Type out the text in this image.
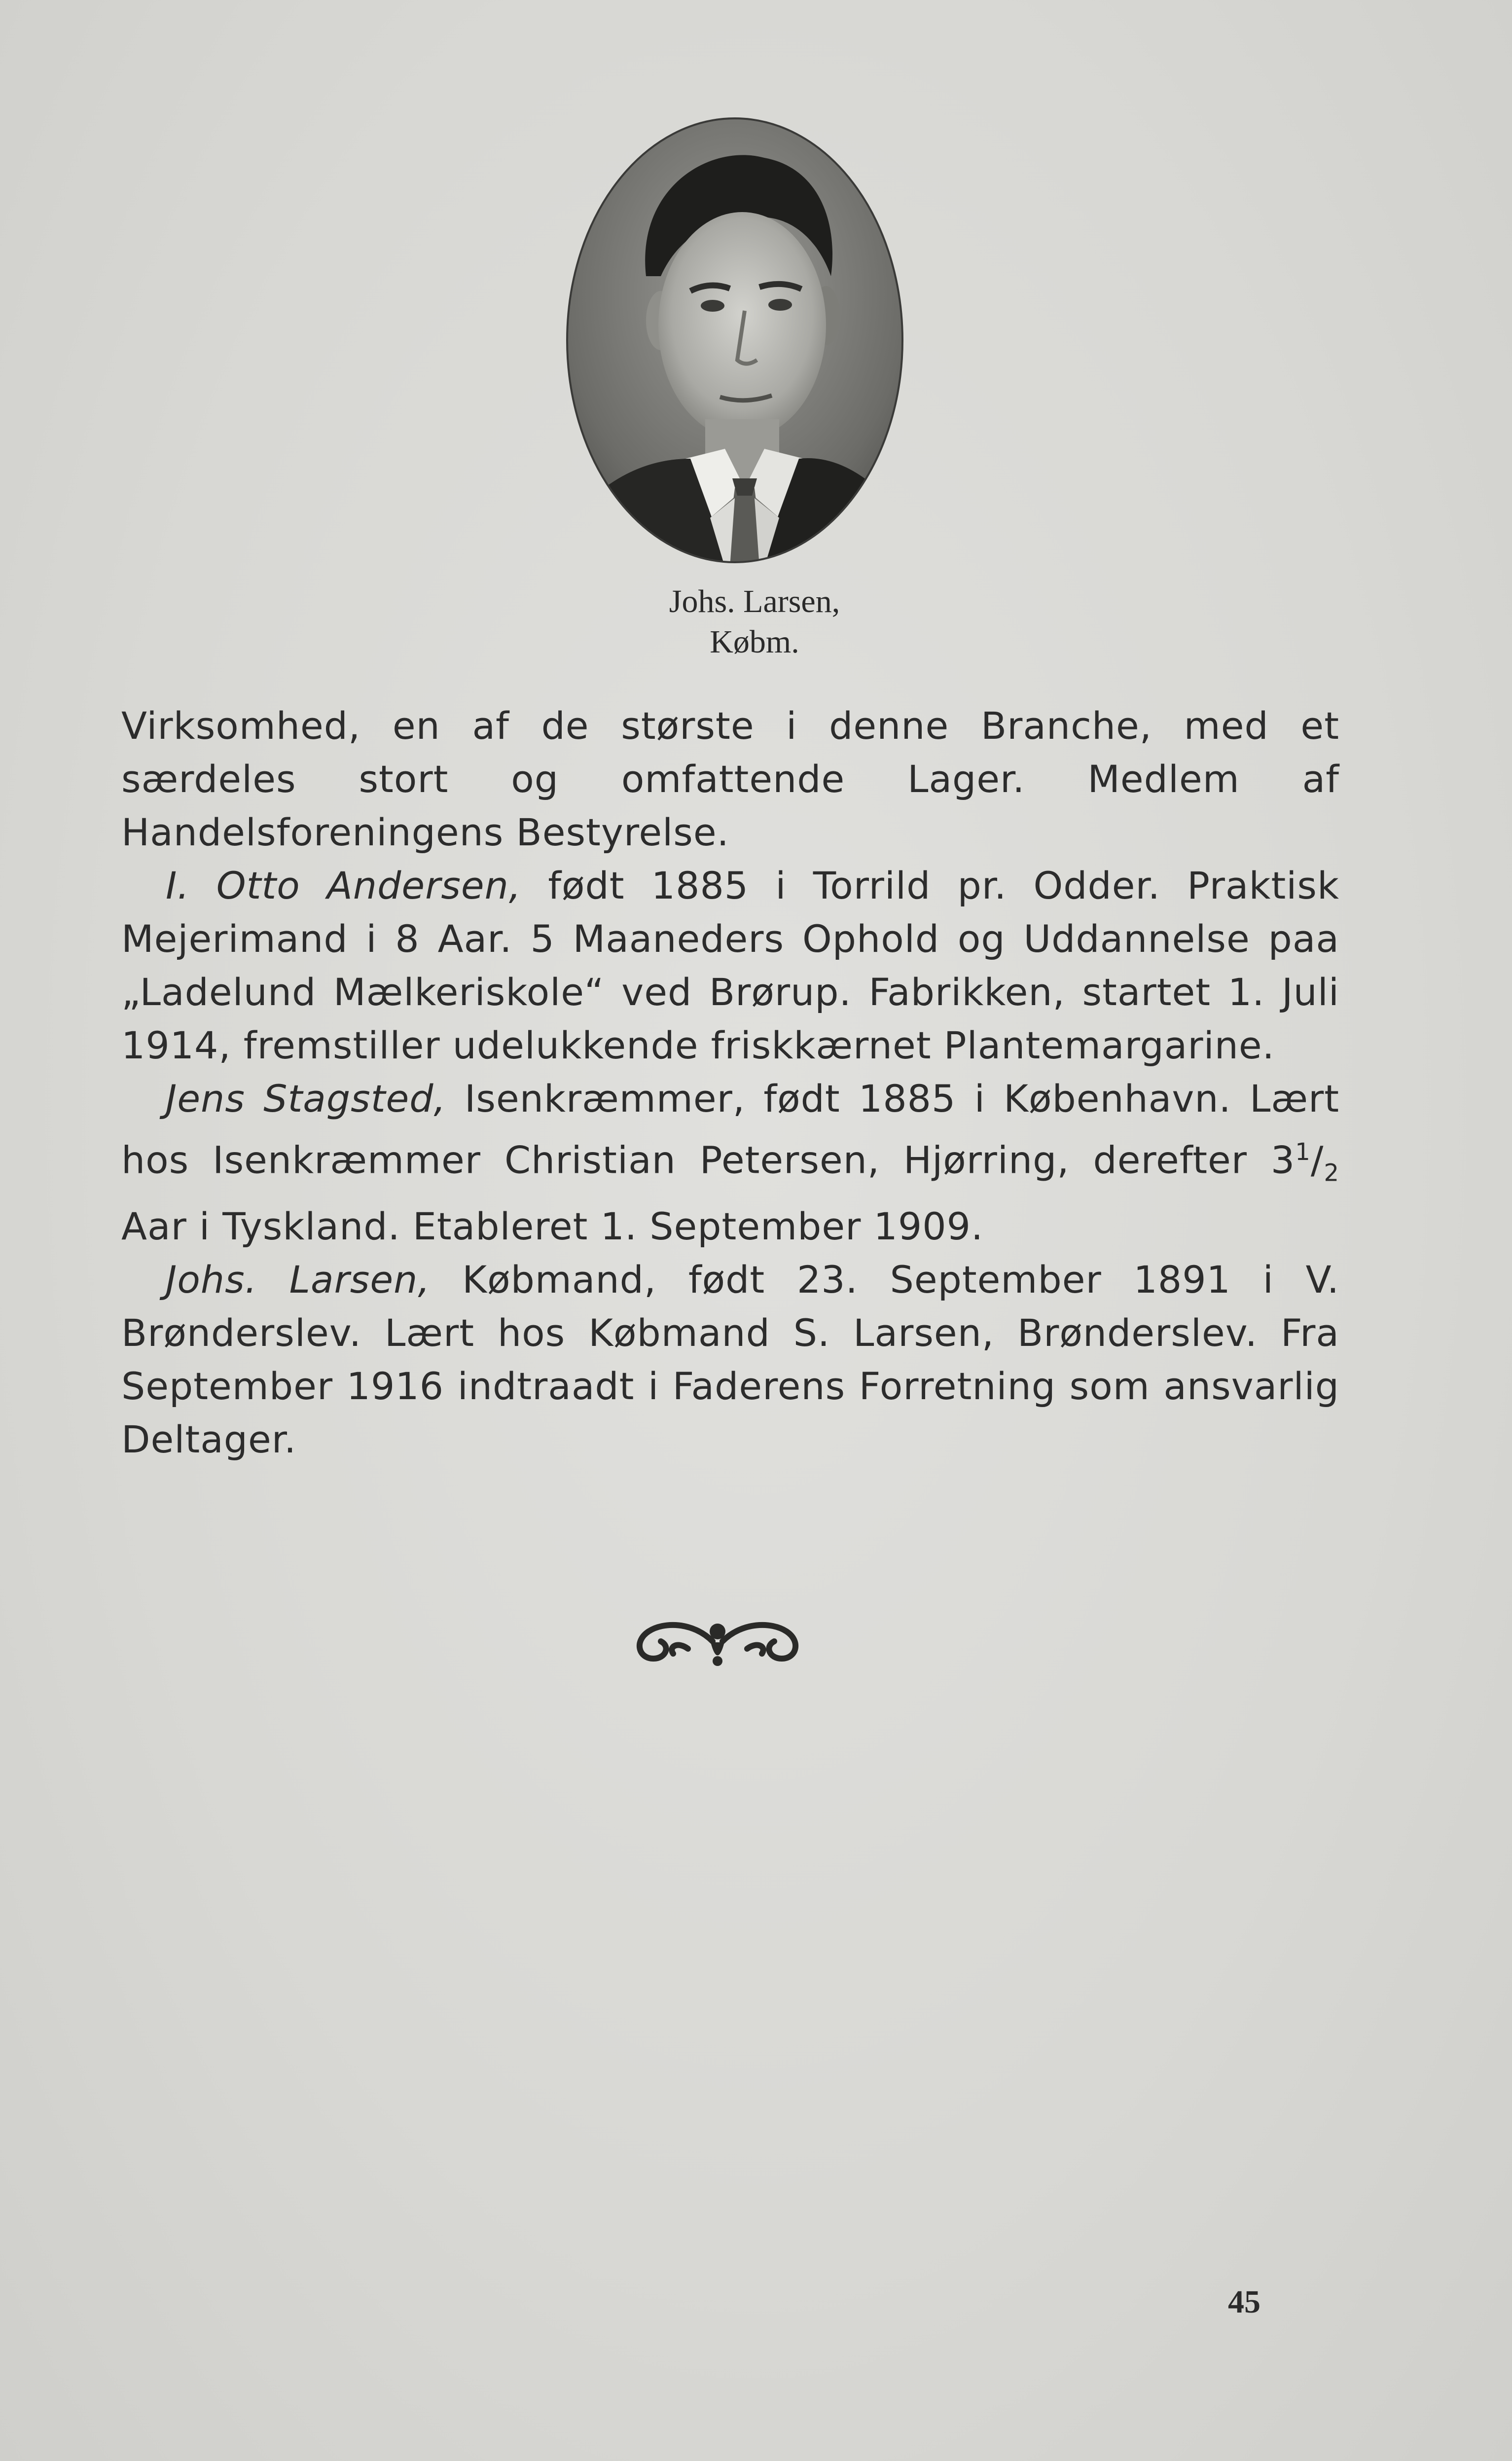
Johs. Larsen,
Købm.

Virksomhed, en af de største i denne Branche, med et særdeles stort og omfattende Lager. Medlem af Handelsforeningens Bestyrelse.

I. Otto Andersen, født 1885 i Torrild pr. Odder. Praktisk Mejerimand i 8 Aar. 5 Maaneders Ophold og Uddannelse paa „Ladelund Mælkeriskole“ ved Brørup. Fabrikken, startet 1. Juli 1914, fremstiller udelukkende friskkærnet Plantemargarine.

Jens Stagsted, Isenkræmmer, født 1885 i København. Lært hos Isenkræmmer Christian Petersen, Hjørring, derefter $3^1/_2$ Aar i Tyskland. Etableret 1. September 1909.

Johs. Larsen, Købmand, født 23. September 1891 i V. Brønderslev. Lært hos Købmand S. Larsen, Brønderslev. Fra September 1916 indtraadt i Faderens Forretning som ansvarlig Deltager.

45
